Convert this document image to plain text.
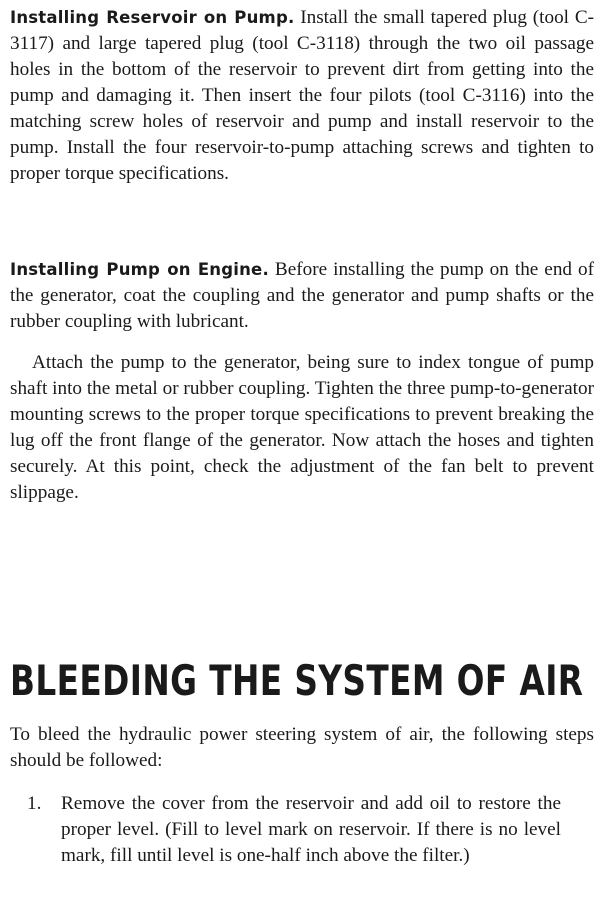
Installing Reservoir on Pump. Install the small tapered plug (tool C-3117) and large tapered plug (tool C-3118) through the two oil passage holes in the bottom of the reservoir to prevent dirt from getting into the pump and damaging it. Then insert the four pilots (tool C-3116) into the matching screw holes of reservoir and pump and install reservoir to the pump. Install the four reservoir-to-pump attaching screws and tighten to proper torque specifications.

Installing Pump on Engine. Before installing the pump on the end of the generator, coat the coupling and the generator and pump shafts or the rubber coupling with lubricant.

Attach the pump to the generator, being sure to index tongue of pump shaft into the metal or rubber coupling. Tighten the three pump-to-generator mounting screws to the proper torque specifications to prevent breaking the lug off the front flange of the generator. Now attach the hoses and tighten securely. At this point, check the adjustment of the fan belt to prevent slippage.

BLEEDING THE SYSTEM OF AIR

To bleed the hydraulic power steering system of air, the following steps should be followed:

1. Remove the cover from the reservoir and add oil to restore the proper level. (Fill to level mark on reservoir. If there is no level mark, fill until level is one-half inch above the filter.)
